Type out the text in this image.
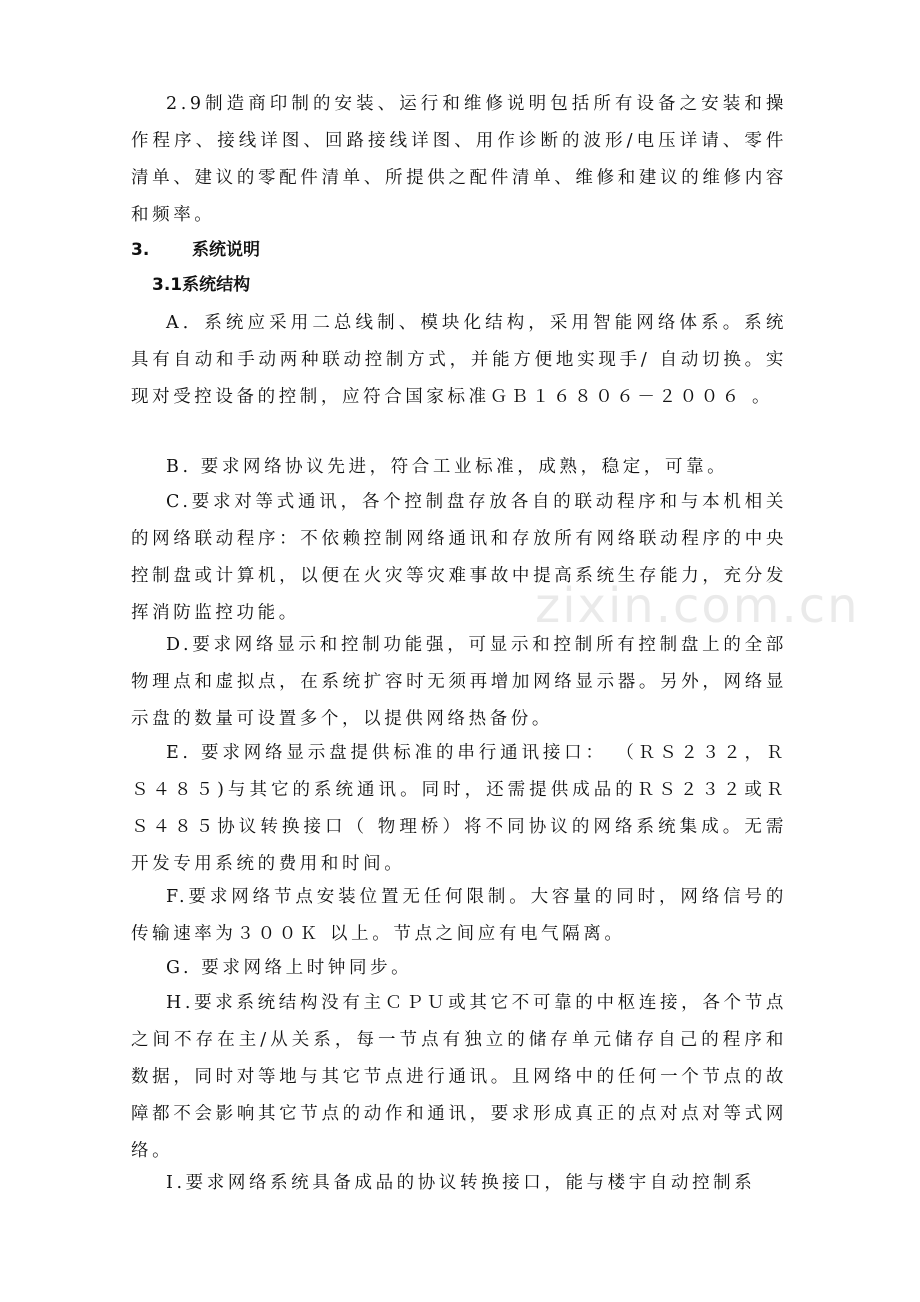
2.9制造商印制的安装、运行和维修说明包括所有设备之安装和操作程序、接线详图、回路接线详图、用作诊断的波形/电压详请、零件清单、建议的零配件清单、所提供之配件清单、维修和建议的维修内容和频率。

3.	系统说明
3.1系统结构

A．系统应采用二总线制、模块化结构，采用智能网络体系。系统具有自动和手动两种联动控制方式，并能方便地实现手/ 自动切换。实现对受控设备的控制，应符合国家标准ＧＢ１６８０６－２００６ 。

B. 要求网络协议先进，符合工业标准，成熟，稳定，可靠。

C.要求对等式通讯，各个控制盘存放各自的联动程序和与本机相关的网络联动程序：不依赖控制网络通讯和存放所有网络联动程序的中央控制盘或计算机，以便在火灾等灾难事故中提高系统生存能力，充分发挥消防监控功能。

D.要求网络显示和控制功能强，可显示和控制所有控制盘上的全部物理点和虚拟点，在系统扩容时无须再增加网络显示器。另外，网络显示盘的数量可设置多个，以提供网络热备份。

E. 要求网络显示盘提供标准的串行通讯接口： （ＲＳ２３２，ＲＳ４８５)与其它的系统通讯。同时，还需提供成品的ＲＳ２３２或ＲＳ４８５协议转换接口（ 物理桥）将不同协议的网络系统集成。无需开发专用系统的费用和时间。

F.要求网络节点安装位置无任何限制。大容量的同时，网络信号的传输速率为３００Ｋ 以上。节点之间应有电气隔离。

G. 要求网络上时钟同步。

H.要求系统结构没有主ＣＰＵ或其它不可靠的中枢连接，各个节点之间不存在主/从关系，每一节点有独立的储存单元储存自己的程序和数据，同时对等地与其它节点进行通讯。且网络中的任何一个节点的故障都不会影响其它节点的动作和通讯，要求形成真正的点对点对等式网络。

I.要求网络系统具备成品的协议转换接口，能与楼宇自动控制系

zixin.com.cn
